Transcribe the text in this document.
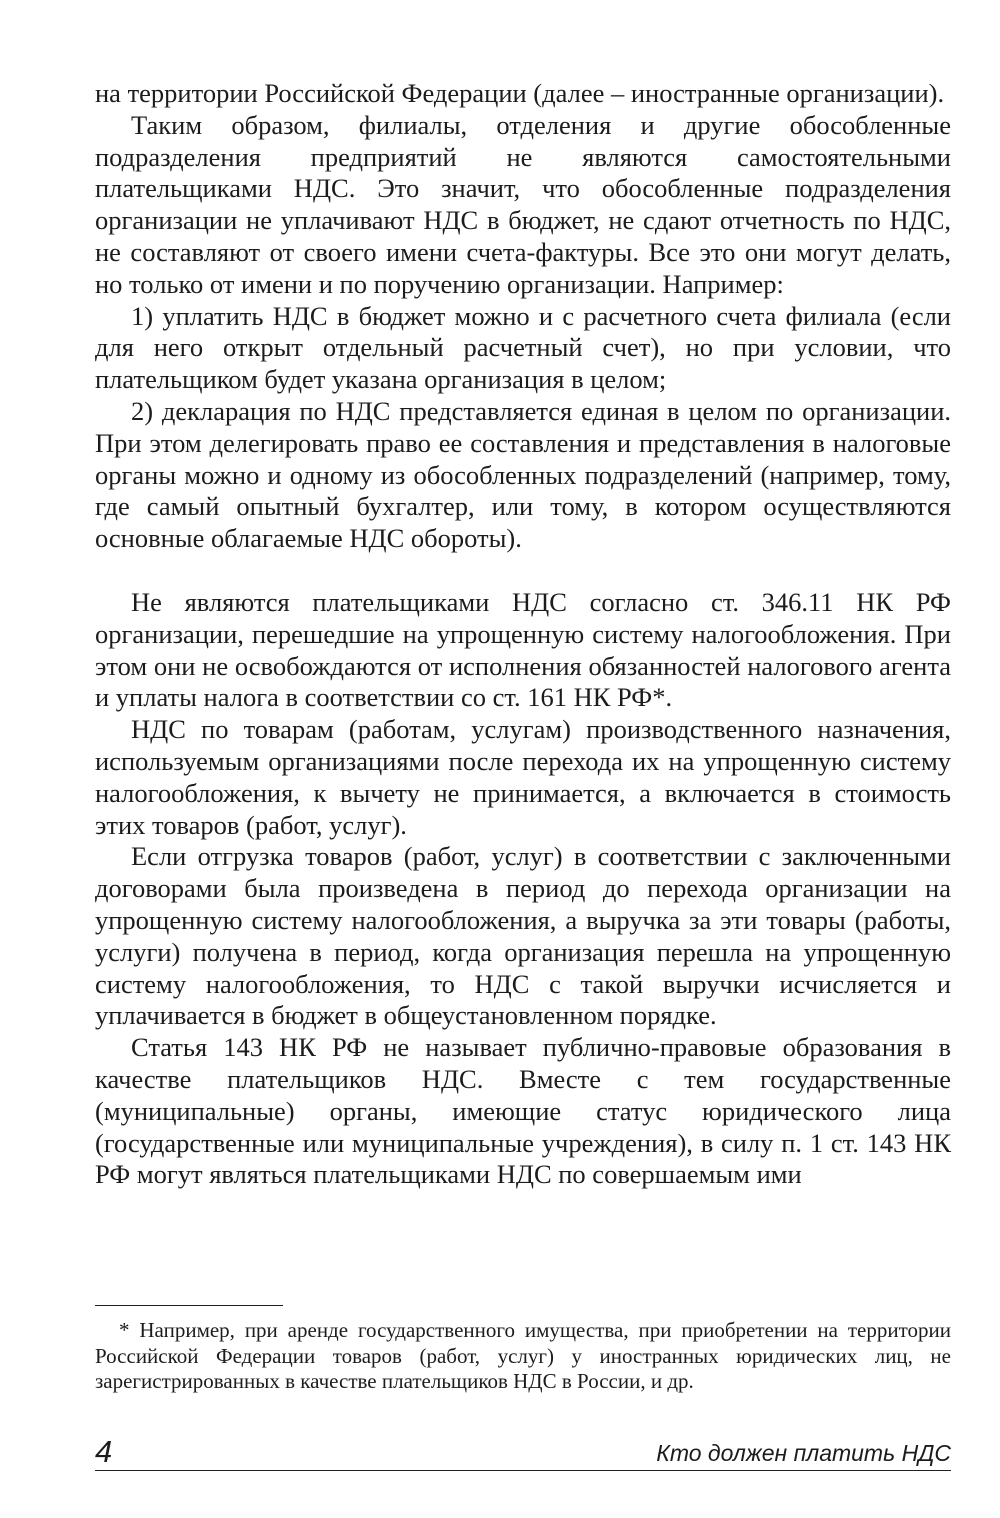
на территории Российской Федерации (далее – иностранные организации).

Таким образом, филиалы, отделения и другие обособленные подразделения предприятий не являются самостоятельными плательщиками НДС. Это значит, что обособленные подразделения организации не уплачивают НДС в бюджет, не сдают отчетность по НДС, не составляют от своего имени счета-фактуры. Все это они могут делать, но только от имени и по поручению организации. Например:

1) уплатить НДС в бюджет можно и с расчетного счета филиала (если для него открыт отдельный расчетный счет), но при условии, что плательщиком будет указана организация в целом;

2) декларация по НДС представляется единая в целом по организации. При этом делегировать право ее составления и представления в налоговые органы можно и одному из обособленных подразделений (например, тому, где самый опытный бухгалтер, или тому, в котором осуществляются основные облагаемые НДС обороты).

Не являются плательщиками НДС согласно ст. 346.11 НК РФ организации, перешедшие на упрощенную систему налогообложения. При этом они не освобождаются от исполнения обязанностей налогового агента и уплаты налога в соответствии со ст. 161 НК РФ*.

НДС по товарам (работам, услугам) производственного назначения, используемым организациями после перехода их на упрощенную систему налогообложения, к вычету не принимается, а включается в стоимость этих товаров (работ, услуг).

Если отгрузка товаров (работ, услуг) в соответствии с заключенными договорами была произведена в период до перехода организации на упрощенную систему налогообложения, а выручка за эти товары (работы, услуги) получена в период, когда организация перешла на упрощенную систему налогообложения, то НДС с такой выручки исчисляется и уплачивается в бюджет в общеустановленном порядке.

Статья 143 НК РФ не называет публично-правовые образования в качестве плательщиков НДС. Вместе с тем государственные (муниципальные) органы, имеющие статус юридического лица (государственные или муниципальные учреждения), в силу п. 1 ст. 143 НК РФ могут являться плательщиками НДС по совершаемым ими

* Например, при аренде государственного имущества, при приобретении на территории Российской Федерации товаров (работ, услуг) у иностранных юридических лиц, не зарегистрированных в качестве плательщиков НДС в России, и др.

4	Кто должен платить НДС
